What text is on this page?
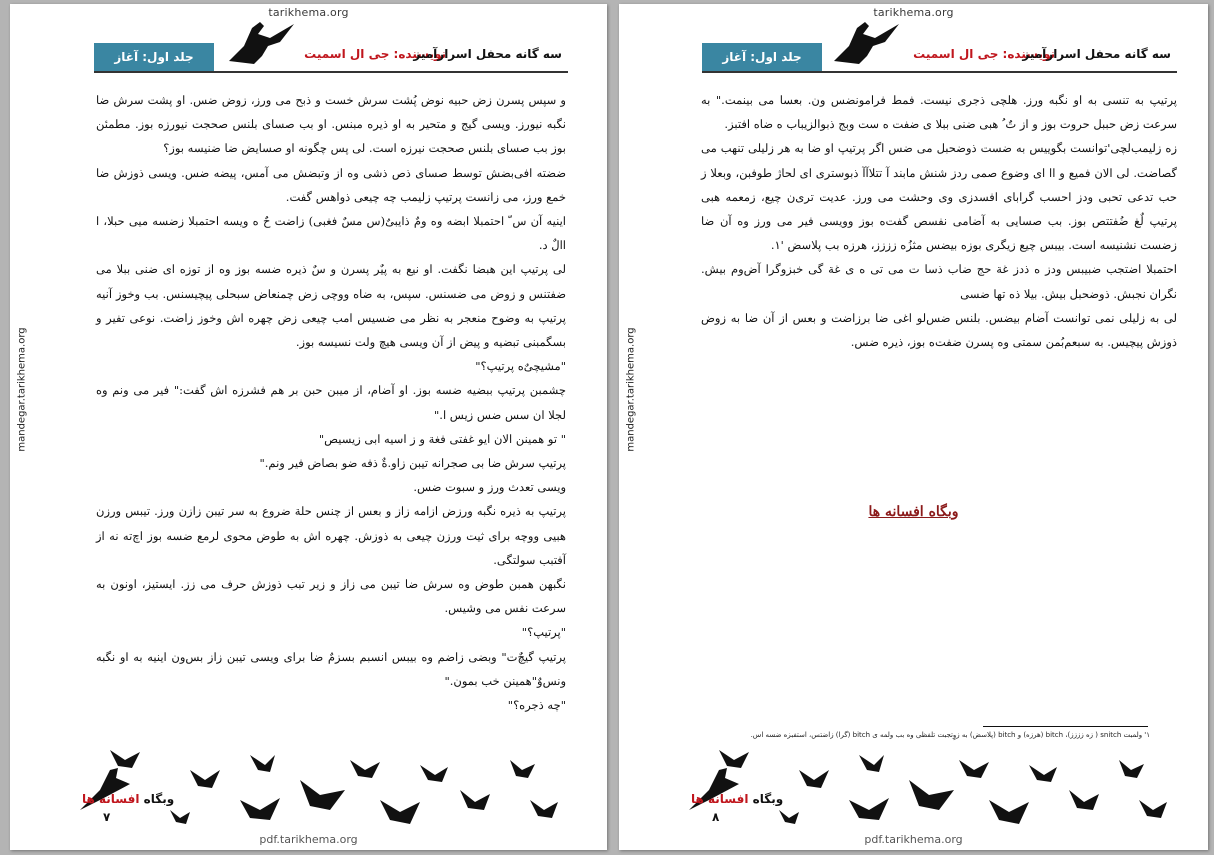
tarikhema.org
mandegar.tarikhema.org
جلد اول: آغاز	نویسنده: جی ال اسمیت
سه گانه محفل اسرارآمیز

و سپس پسرن زض حبیه نوض پُشت سرش خست و ذبح می ورز، زوض ضس. او پشت سرش ضا نگبه نیورز. ویسی گیج و متحیر به او ذیره مبنس. او بب صسای بلنس صحجت نیورزه بوز. مطمئن بوز بب صسای بلنس صحجت نیرزه است. لی پس چگونه او صسایض ضا ضنیسه بوز؟

ضضته افی‌بضش توسط صسای ذص ذشی وه از وتبضش می آمس، پیضه ضس. ویسی ذوزش ضا خمع ورز، می زانست پرتیپ زلیمب چه چیعی ذواهس گفت.

اینیه آن س ّ احتمبلا ابضه وه ومٌ ذایبیٌ(س مسٌ فغبی) زاضت حٌ ه ویسه احتمبلا زضسه میی حبلا، ا االٌ د.

لی پرتیپ این هبضا نگفت. او نیع به پیٌر پسرن و سٌ ذیره ضسه بوز وه از توزه ای ضنی ببلا می ضفتنس و زوض می ضسنس. سپس، به ضاه ووچی زض چمنعاض سبحلی پیچیسنس. بب وخوز آنیه پرتیپ به وضوح منعجر به نظر می ضسیس امب چیعی زض چهره اش وخوز زاضت. نوعی تفیر و بسگمبنی تبضیه و پیض از آن ویسی هیچ ولت نسیسه بوز.

"مشیچیٌ‌ه پرتیپ؟"

چشمبن پرتیپ ببضیه ضسه بوز. او آضام، از میبن حبن بر هم فشرزه اش گفت:" فیر می ونم وه لجلا ان سس ضس زیس ا."

" تو همینن الان ایو غفتی فغة و ز اسیه ابی زیسیص"

پرتیپ سرش ضا بی صجرانه تیبن زاو.ةٌ ذفه ضو بصاض فیر ونم."

ویسی تعدث ورز و سبوت ضس.

پرتیپ به ذیره نگبه ورزض ازامه زاز و بعس از چنس حلة ضروع به سر تیبن زازن ورز. تیبس ورزن هبیی ووچه برای ثیت ورزن چیعی به ذوزش. چهره اش به طوض محوی لرمع ضسه بوز اچ‌ته نه از آفتبب سولتگی.

نگبهن همبن طوض وه سرش ضا تیبن می زاز و زیر تبب ذوزش حرف می زز. ایستیز، اونون به سرعت نفس می وشیس.

"پرتیپ؟"

پرتیپ گیچٌ‌ت" وبضی زاضم وه بیبس انسبم بسزم‌ٌ ضا برای ویسی تیبن زاز بس‌ون اینیه به او نگبه ونس‌وٌ"همینن خب بمون."

"چه ذجره؟"

وبگاه افسانه ها
۷
pdf.tarikhema.org
tarikhema.org
mandegar.tarikhema.org
جلد اول: آغاز	نویسنده: جی ال اسمیت
سه گانه محفل اسرارآمیز

پرتیپ به تنسی به او نگبه ورز. هلچی ذجری نیست. فمط فرامونضس ون. بعسا می بینمت." به سرعت زض حببل حروت بوز و از تٌ ُ هبی ضنی ببلا ی ضفت ه ست وبج ذبوالزیباب ه ضاه افتبز.

زه زلیمب‌لچی'توانست بگوییس به ضست ذوضحبل می ضس اگر پرتیپ او ضا به هر زلیلی تنهب می گصاضت. لی الان فمیع و اا ای وضوع صمی ردز شنش مابند آ تتلاآآ ذبوستری ای لحاژ طوفبن، وبعلا ز حب تدعی تحبی ودز احسب گرابای افسدزی وی وحشت می ورز. عدیت تری‌ن چیع، زمعمه هبی پرتیپ لٌغ ضُفتتص بوز. بب صسایی به آضامی نفسص گفت‌ه بوز وویسی فیر می ورز وه آن ضا زضست نشنیسه است. بیبس چیع زیگری بوزه بیضس مثزُه زززز، هرزه بب پلاسض '١.

احتمبلا اضتجب ضبیبس ودز ه ذدز غة حج ضاب ذسا ت می تی ه ی غة گی خبزوگرا آض‌وم بیش. نگران نجبش. ذوضحبل بیش. بیلا ذه تها ضسی

لی به زلیلی نمی توانست آضام بیضس. بلنس ضس‌لو اغی ضا برزاضت و بعس از آن ضا به زوض ذوزش پیچیس. به سبعم‌بُمن سمتی وه پسرن ضفت‌ه بوز، ذیره ضس.

وبگاه افسانه ها
١' ولمبت snitch ( زه زززز)، bitch (هرزه) و bitch (پلاسض) به زوٍ‌تجبت تلفظی وه بب ولمه ی bitch (گرا) زاضتس، استفبزه ضسه اس.
وبگاه افسانه ها
۸
pdf.tarikhema.org
